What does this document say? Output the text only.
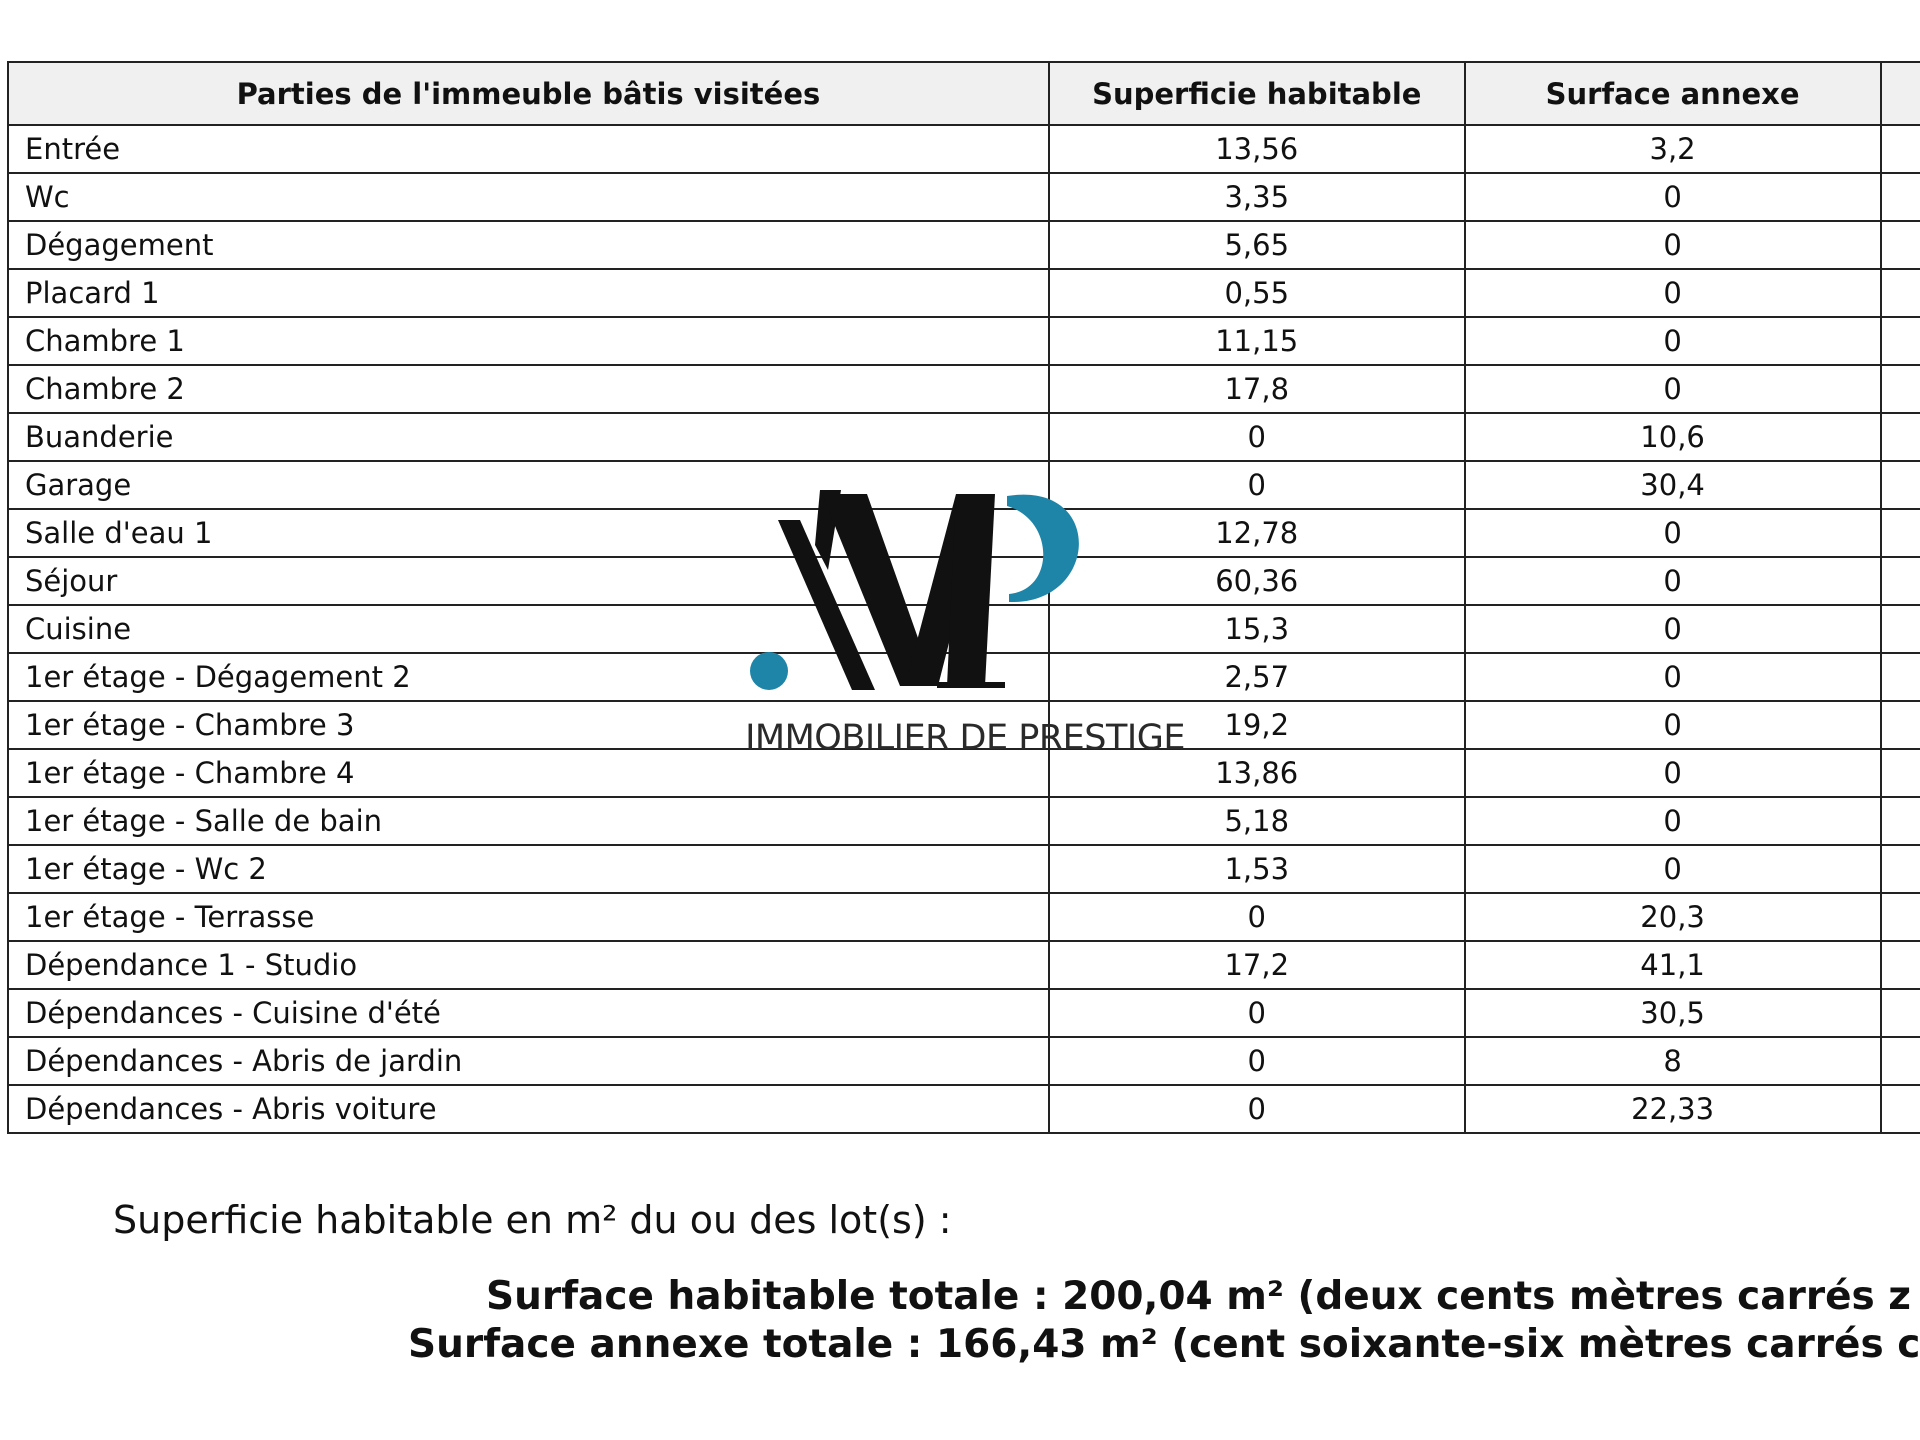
Parties de l'immeuble bâtis visitées	Superficie habitable	Surface annexe	
Entrée	13,56	3,2	
Wc	3,35	0	
Dégagement	5,65	0	
Placard 1	0,55	0	
Chambre 1	11,15	0	
Chambre 2	17,8	0	
Buanderie	0	10,6	
Garage	0	30,4	
Salle d'eau 1	12,78	0	
Séjour	60,36	0	
Cuisine	15,3	0	
1er étage - Dégagement 2	2,57	0	
1er étage - Chambre 3	19,2	0	
1er étage - Chambre 4	13,86	0	
1er étage - Salle de bain	5,18	0	
1er étage - Wc 2	1,53	0	
1er étage - Terrasse	0	20,3	
Dépendance 1 - Studio	17,2	41,1	
Dépendances - Cuisine d'été	0	30,5	
Dépendances - Abris de jardin	0	8	
Dépendances - Abris voiture	0	22,33	
IMMOBILIER DE PRESTIGE
Superficie habitable en m² du ou des lot(s) :
Surface habitable totale : 200,04 m² (deux cents mètres carrés z
Surface annexe totale : 166,43 m² (cent soixante-six mètres carrés c
